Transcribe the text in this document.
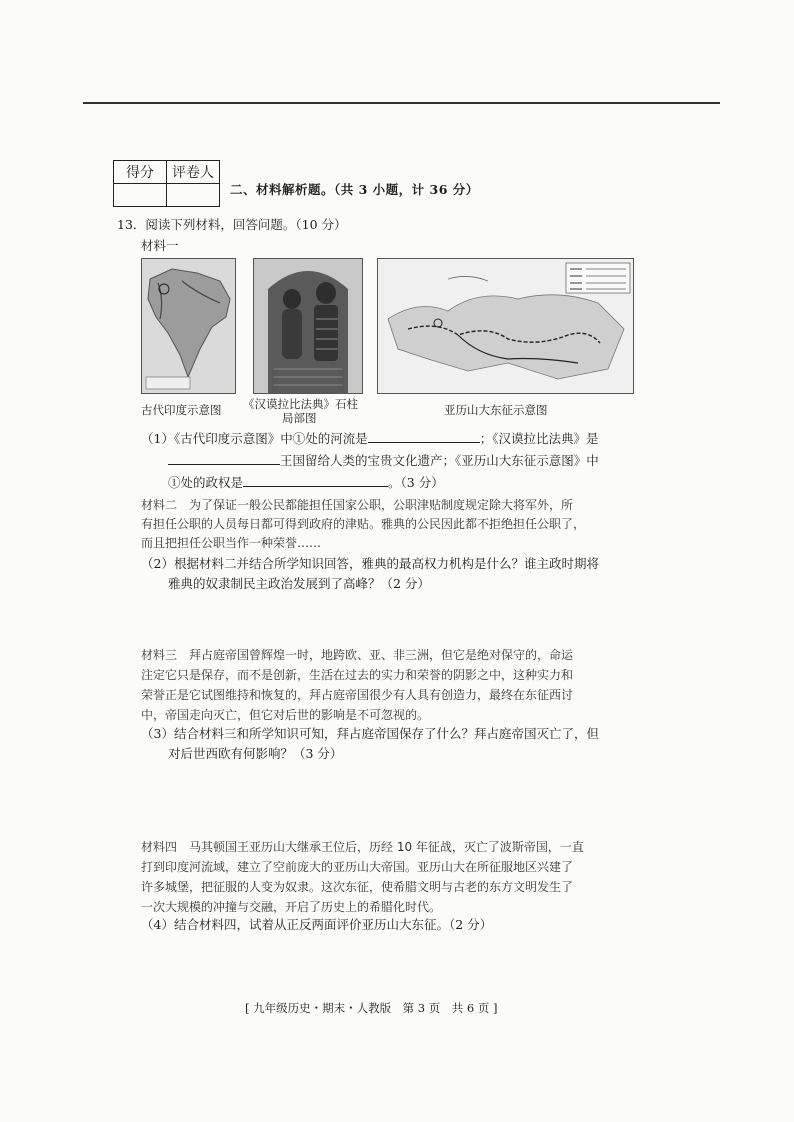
得分	评卷人

二、材料解析题。（共 3 小题，计 36 分）
13．阅读下列材料，回答问题。（10 分）
材料一
古代印度示意图 《汉谟拉比法典》石柱
局部图
亚历山大东征示意图
（1）《古代印度示意图》中①处的河流是	；《汉谟拉比法典》是
王国留给人类的宝贵文化遗产；《亚历山大东征示意图》中
①处的政权是	。（3 分）
材料二　为了保证一般公民都能担任国家公职，公职津贴制度规定除大将军外，所
有担任公职的人员每日都可得到政府的津贴。雅典的公民因此都不拒绝担任公职了，
而且把担任公职当作一种荣誉……
（2）根据材料二并结合所学知识回答，雅典的最高权力机构是什么？谁主政时期将
雅典的奴隶制民主政治发展到了高峰？（2 分）
材料三　拜占庭帝国曾辉煌一时，地跨欧、亚、非三洲，但它是绝对保守的，命运
注定它只是保存，而不是创新，生活在过去的实力和荣誉的阴影之中，这种实力和
荣誉正是它试图维持和恢复的，拜占庭帝国很少有人具有创造力，最终在东征西讨
中，帝国走向灭亡，但它对后世的影响是不可忽视的。
（3）结合材料三和所学知识可知，拜占庭帝国保存了什么？拜占庭帝国灭亡了，但
对后世西欧有何影响？（3 分）
材料四　马其顿国王亚历山大继承王位后，历经 10 年征战，灭亡了波斯帝国，一直
打到印度河流域，建立了空前庞大的亚历山大帝国。亚历山大在所征服地区兴建了
许多城堡，把征服的人变为奴隶。这次东征，使希腊文明与古老的东方文明发生了
一次大规模的冲撞与交融，开启了历史上的希腊化时代。
（4）结合材料四，试着从正反两面评价亚历山大东征。（2 分）
[ 九年级历史・期末・人教版　第 3 页　共 6 页 ]
